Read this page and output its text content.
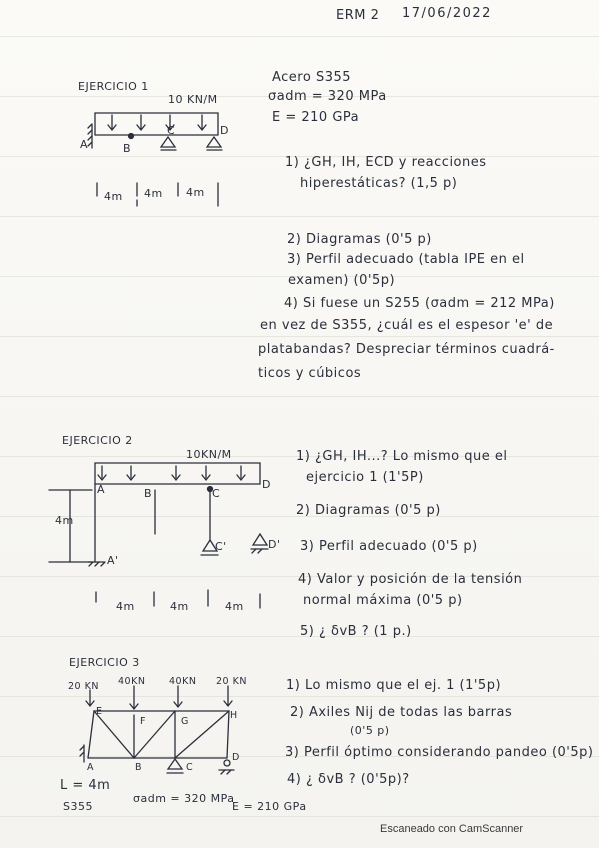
ERM 2 17/06/2022
EJERCICIO 1
10 KN/M
A	B
C	D
4m 4m 4m
Acero S355
σadm = 320 MPa
E = 210 GPa
1) ¿GH, IH, ECD y reacciones
hiperestáticas? (1,5 p)
2) Diagramas (0'5 p)
3) Perfil adecuado (tabla IPE en el
examen) (0'5p)
4) Si fuese un S255 (σadm = 212 MPa)
en vez de S355, ¿cuál es el espesor 'e' de
platabandas? Despreciar términos cuadrá-
ticos y cúbicos
EJERCICIO 2
10KN/M
4m
A	B	C
D
A'
C'	D'
4m	4m	4m
1) ¿GH, IH...? Lo mismo que el
ejercicio 1 (1'5P)
2) Diagramas (0'5 p)
3) Perfil adecuado (0'5 p)
4) Valor y posición de la tensión
normal máxima (0'5 p)
5) ¿ δvB ? (1 p.)
EJERCICIO 3
20 KN 40KN 40KN 20 KN
E
F	G
H
A	B	C
D
L = 4m
S355
σadm = 320 MPa
E = 210 GPa
1) Lo mismo que el ej. 1 (1'5p)
2) Axiles Nij de todas las barras
(0'5 p)
3) Perfil óptimo considerando pandeo (0'5p)
4) ¿ δvB ? (0'5p)?
Escaneado con CamScanner
